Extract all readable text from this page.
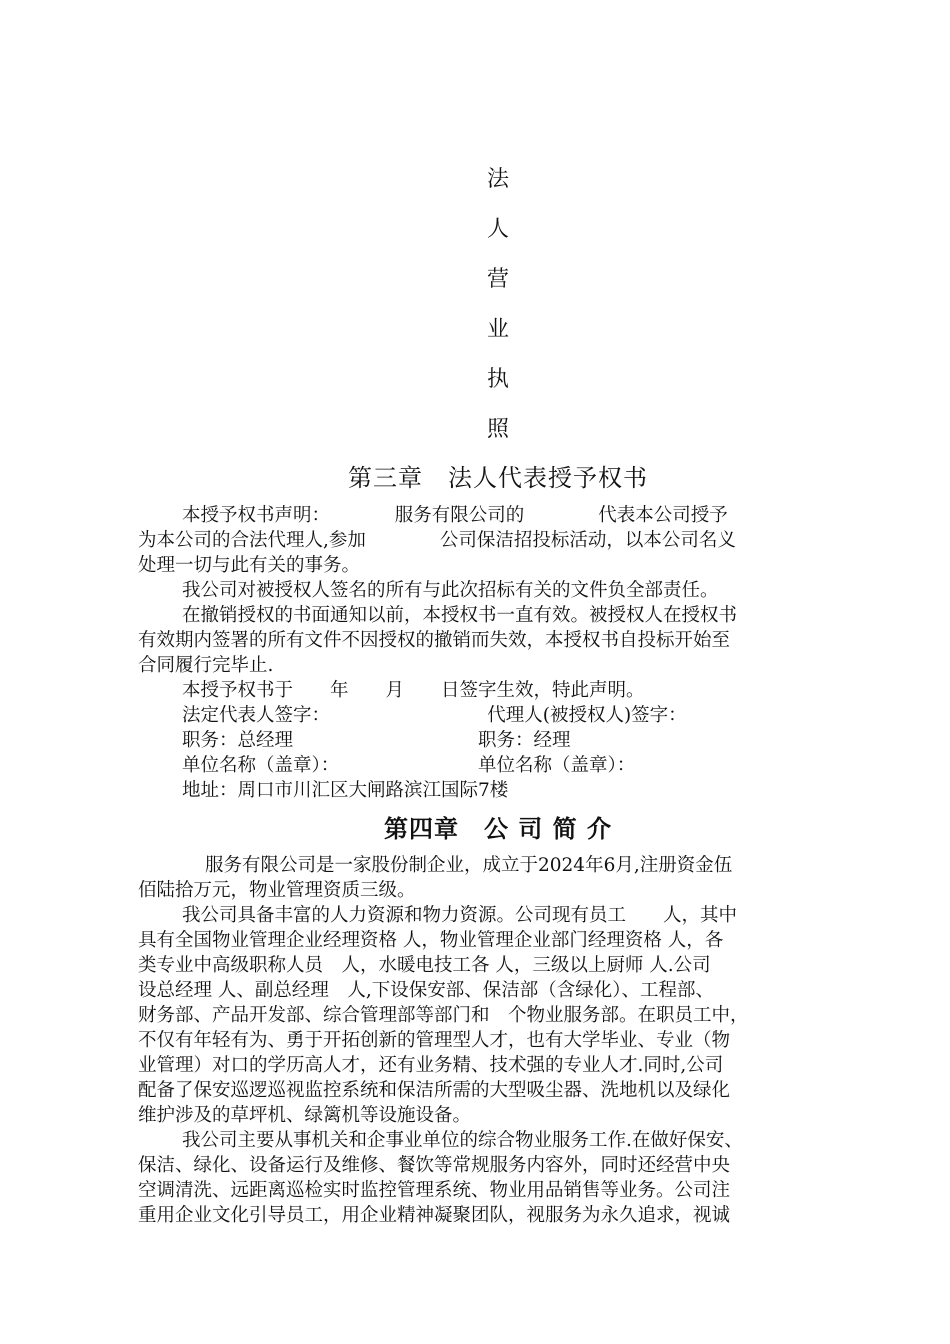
法
人
营
业
执
照
第三章　法人代表授予权书
本授予权书声明：　　　　服务有限公司的　　　　代表本公司授予
为本公司的合法代理人,参加　　　　公司保洁招投标活动，以本公司名义
处理一切与此有关的事务。
我公司对被授权人签名的所有与此次招标有关的文件负全部责任。
在撤销授权的书面通知以前，本授权书一直有效。被授权人在授权书
有效期内签署的所有文件不因授权的撤销而失效，本授权书自投标开始至
合同履行完毕止.
本授予权书于　　年　　月　　日签字生效，特此声明。
法定代表人签字：　　　　　　　　　代理人(被授权人)签字：
职务：总经理　　　　　　　　　　职务：经理
单位名称（盖章）：　　　　　　　　单位名称（盖章）：
地址：周口市川汇区大闸路滨江国际7楼
第四章　公 司 简 介
服务有限公司是一家股份制企业，成立于2024年6月,注册资金伍
佰陆拾万元，物业管理资质三级。
我公司具备丰富的人力资源和物力资源。公司现有员工　　人，其中
具有全国物业管理企业经理资格 人，物业管理企业部门经理资格 人，各
类专业中高级职称人员　人，水暖电技工各 人，三级以上厨师 人.公司
设总经理 人、副总经理　人,下设保安部、保洁部（含绿化）、工程部、
财务部、产品开发部、综合管理部等部门和　个物业服务部。在职员工中，
不仅有年轻有为、勇于开拓创新的管理型人才，也有大学毕业、专业（物
业管理）对口的学历高人才，还有业务精、技术强的专业人才.同时,公司
配备了保安巡逻巡视监控系统和保洁所需的大型吸尘器、洗地机以及绿化
维护涉及的草坪机、绿篱机等设施设备。
我公司主要从事机关和企事业单位的综合物业服务工作.在做好保安、
保洁、绿化、设备运行及维修、餐饮等常规服务内容外，同时还经营中央
空调清洗、远距离巡检实时监控管理系统、物业用品销售等业务。公司注
重用企业文化引导员工，用企业精神凝聚团队，视服务为永久追求，视诚
